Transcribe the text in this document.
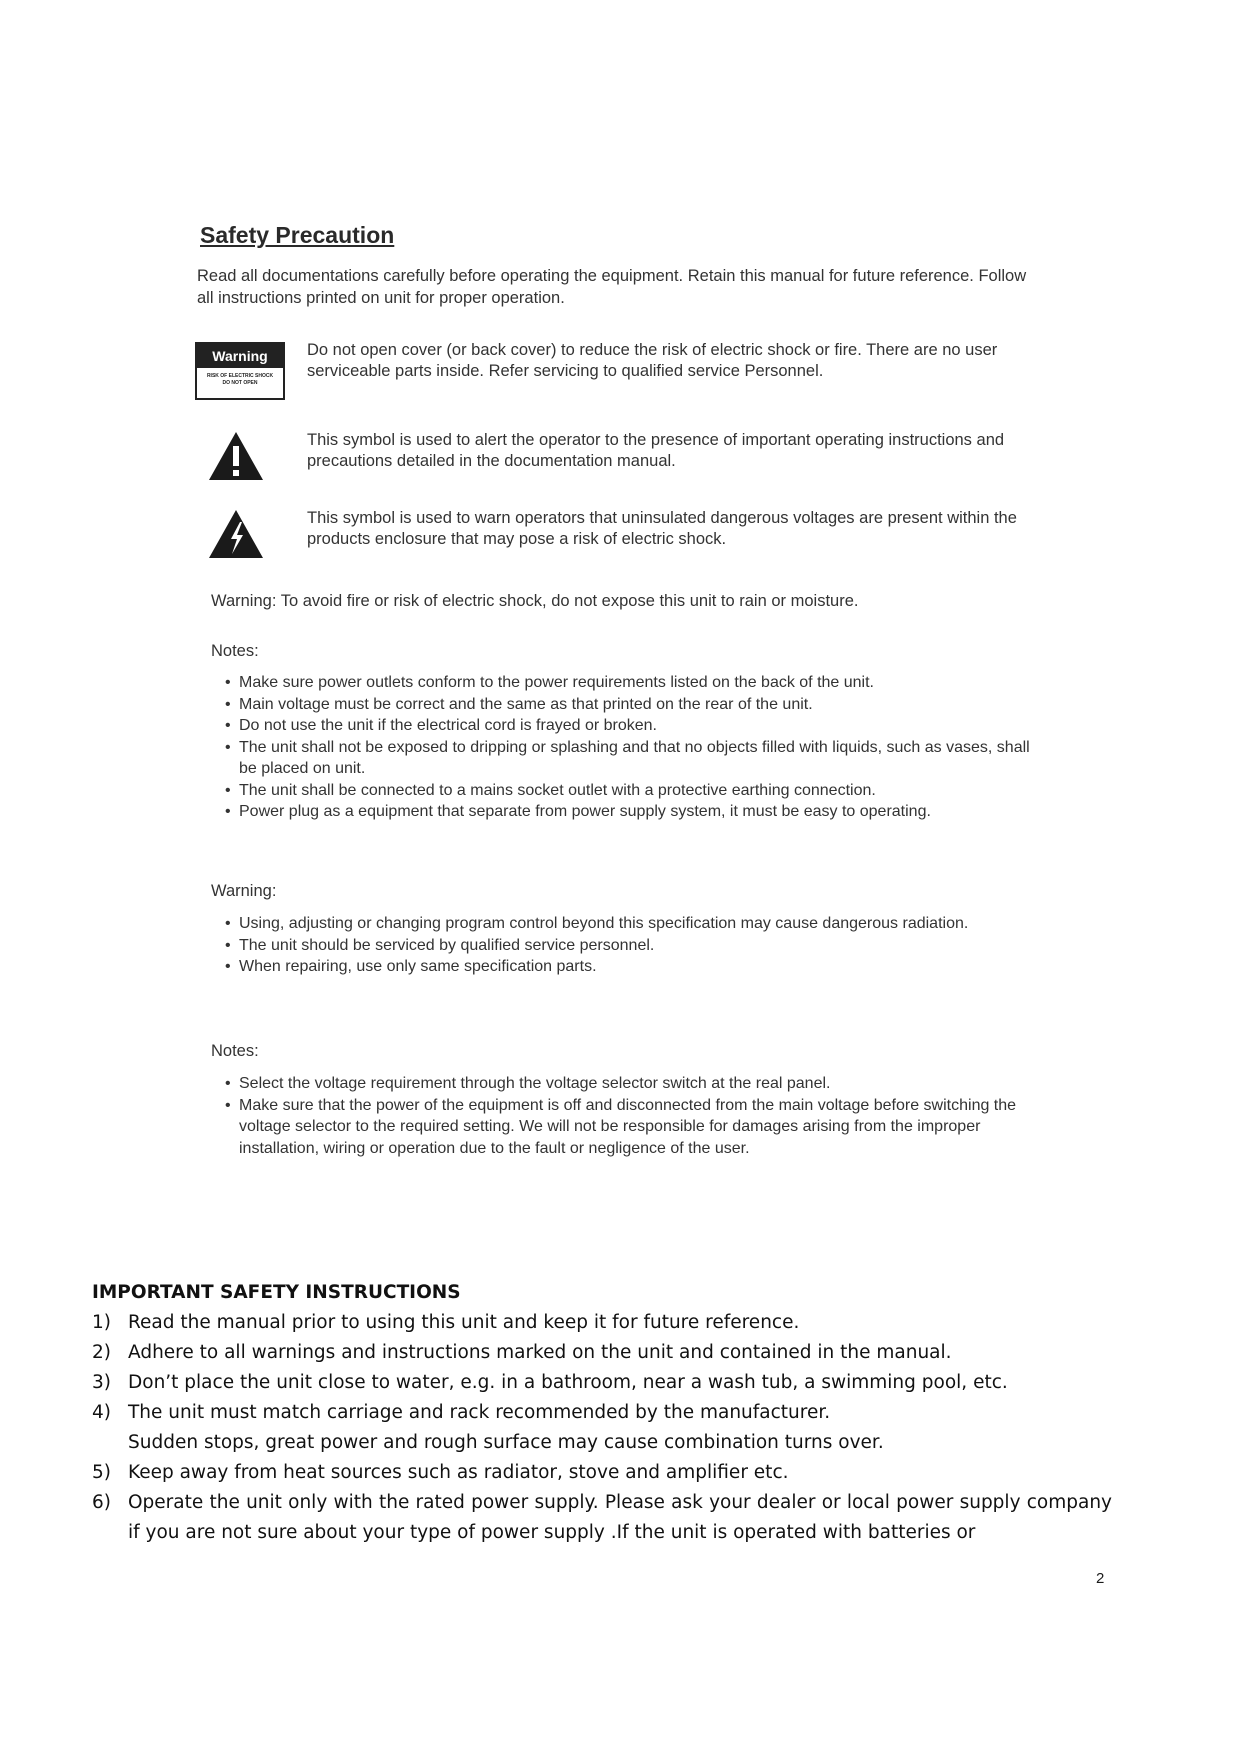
Safety Precaution
Read all documentations carefully before operating the equipment. Retain this manual for future reference. Follow all instructions printed on unit for proper operation.
Warning
RISK OF ELECTRIC SHOCK
DO NOT OPEN
Do not open cover (or back cover) to reduce the risk of electric shock or fire. There are no user serviceable parts inside. Refer servicing to qualified service Personnel.
This symbol is used to alert the operator to the presence of important operating instructions and precautions detailed in the documentation manual.
This symbol is used to warn operators that uninsulated dangerous voltages are present within the products enclosure that may pose a risk of electric shock.
Warning: To avoid fire or risk of electric shock, do not expose this unit to rain or moisture.
Notes:
• Make sure power outlets conform to the power requirements listed on the back of the unit.
• Main voltage must be correct and the same as that printed on the rear of the unit.
• Do not use the unit if the electrical cord is frayed or broken.
• The unit shall not be exposed to dripping or splashing and that no objects filled with liquids, such as vases, shall be placed on unit.
• The unit shall be connected to a mains socket outlet with a protective earthing connection.
• Power plug as a equipment that separate from power supply system, it must be easy to operating.
Warning:
• Using, adjusting or changing program control beyond this specification may cause dangerous radiation.
• The unit should be serviced by qualified service personnel.
• When repairing, use only same specification parts.
Notes:
• Select the voltage requirement through the voltage selector switch at the real panel.
• Make sure that the power of the equipment is off and disconnected from the main voltage before switching the voltage selector to the required setting. We will not be responsible for damages arising from the improper installation, wiring or operation due to the fault or negligence of the user.
IMPORTANT SAFETY INSTRUCTIONS
1) Read the manual prior to using this unit and keep it for future reference.
2) Adhere to all warnings and instructions marked on the unit and contained in the manual.
3) Don’t place the unit close to water, e.g. in a bathroom, near a wash tub, a swimming pool, etc.
4) The unit must match carriage and rack recommended by the manufacturer.
Sudden stops, great power and rough surface may cause combination turns over.
5) Keep away from heat sources such as radiator, stove and amplifier etc.
6) Operate the unit only with the rated power supply. Please ask your dealer or local power supply company if you are not sure about your type of power supply .If the unit is operated with batteries or
2
